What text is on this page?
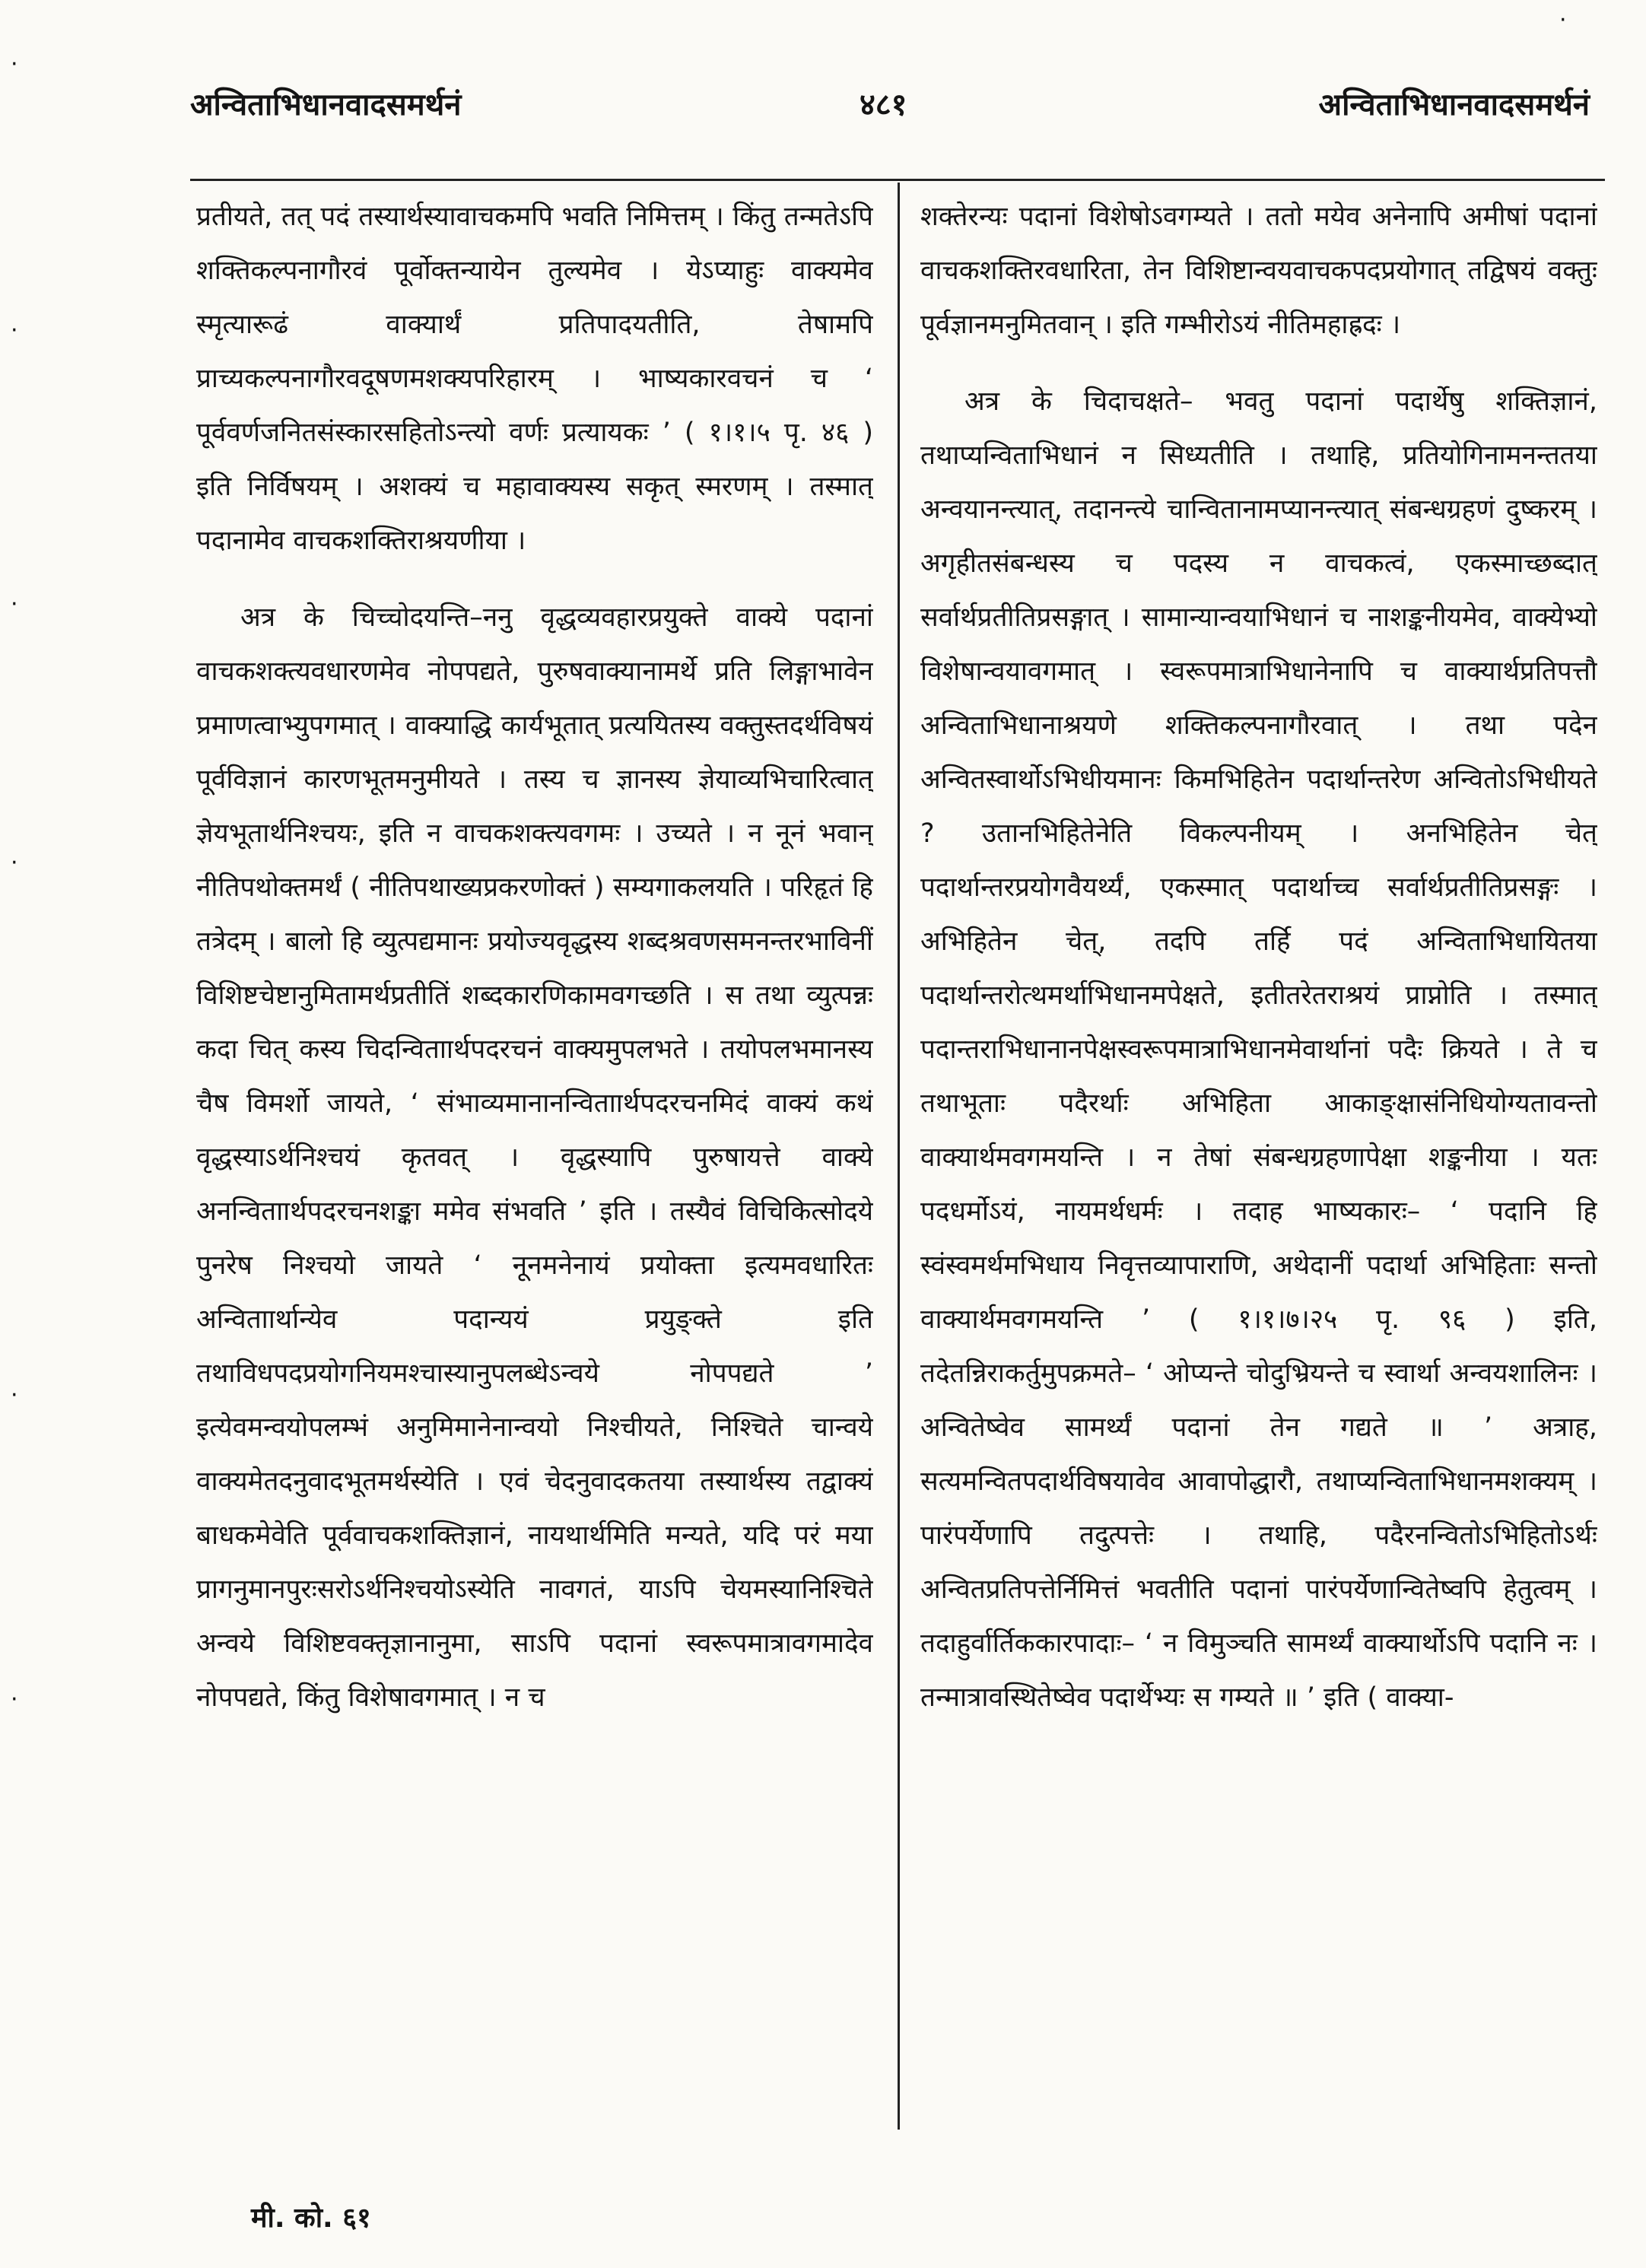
अन्विताभिधानवादसमर्थनं	४८१	अन्विताभिधानवादसमर्थनं

प्रतीयते, तत् पदं तस्यार्थस्यावाचकमपि भवति निमित्तम् । किंतु तन्मतेऽपि शक्तिकल्पनागौरवं पूर्वोक्तन्यायेन तुल्यमेव । येऽप्याहुः वाक्यमेव स्मृत्यारूढं वाक्यार्थं प्रतिपादयतीति, तेषामपि प्राच्यकल्पनागौरवदूषणमशक्यपरिहारम् । भाष्यकारवचनं च ‘ पूर्ववर्णजनितसंस्कारसहितोऽन्त्यो वर्णः प्रत्यायकः ’ ( १।१।५ पृ. ४६ ) इति निर्विषयम् । अशक्यं च महावाक्यस्य सकृत् स्मरणम् । तस्मात् पदानामेव वाचकशक्तिराश्रयणीया ।

अत्र के चिच्चोदयन्ति–ननु वृद्धव्यवहारप्रयुक्ते वाक्ये पदानां वाचकशक्त्यवधारणमेव नोपपद्यते, पुरुषवाक्यानामर्थे प्रति लिङ्गाभावेन प्रमाणत्वाभ्युपगमात् । वाक्याद्धि कार्यभूतात् प्रत्ययितस्य वक्तुस्तदर्थविषयं पूर्वविज्ञानं कारणभूतमनुमीयते । तस्य च ज्ञानस्य ज्ञेयाव्यभिचारित्वात् ज्ञेयभूतार्थनिश्चयः, इति न वाचकशक्त्यवगमः । उच्यते । न नूनं भवान् नीतिपथोक्तमर्थं ( नीतिपथाख्यप्रकरणोक्तं ) सम्यगाकलयति । परिहृतं हि तत्रेदम् । बालो हि व्युत्पद्यमानः प्रयोज्यवृद्धस्य शब्दश्रवणसमनन्तरभाविनीं विशिष्टचेष्टानुमितामर्थप्रतीतिं शब्दकारणिकामवगच्छति । स तथा व्युत्पन्नः कदा चित् कस्य चिदन्विताार्थपदरचनं वाक्यमुपलभते । तयोपलभमानस्य चैष विमर्शो जायते, ‘ संभाव्यमानानन्विताार्थपदरचनमिदं वाक्यं कथं वृद्धस्याऽर्थनिश्चयं कृतवत् । वृद्धस्यापि पुरुषायत्ते वाक्ये अनन्विताार्थपदरचनशङ्का ममेव संभवति ’ इति । तस्यैवं विचिकित्सोदये पुनरेष निश्चयो जायते ‘ नूनमनेनायं प्रयोक्ता इत्यमवधारितः अन्विताार्थान्येव पदान्ययं प्रयुङ्क्ते इति तथाविधपदप्रयोगनियमश्चास्यानुपलब्धेऽन्वये नोपपद्यते ’ इत्येवमन्वयोपलम्भं अनुमिमानेनान्वयो निश्चीयते, निश्चिते चान्वये वाक्यमेतदनुवादभूतमर्थस्येति । एवं चेदनुवादकतया तस्यार्थस्य तद्वाक्यं बाधकमेवेति पूर्ववाचकशक्तिज्ञानं, नायथार्थमिति मन्यते, यदि परं मया प्रागनुमानपुरःसरोऽर्थनिश्चयोऽस्येति नावगतं, याऽपि चेयमस्यानिश्चिते अन्वये विशिष्टवक्तृज्ञानानुमा, साऽपि पदानां स्वरूपमात्रावगमादेव नोपपद्यते, किंतु विशेषावगमात् । न च

शक्तेरन्यः पदानां विशेषोऽवगम्यते । ततो मयेव अनेनापि अमीषां पदानां वाचकशक्तिरवधारिता, तेन विशिष्टान्वयवाचकपदप्रयोगात् तद्विषयं वक्तुः पूर्वज्ञानमनुमितवान् । इति गम्भीरोऽयं नीतिमहाह्रदः ।

अत्र के चिदाचक्षते– भवतु पदानां पदार्थेषु शक्तिज्ञानं, तथाप्यन्विताभिधानं न सिध्यतीति । तथाहि, प्रतियोगिनामनन्ततया अन्वयानन्त्यात्, तदानन्त्ये चान्वितानामप्यानन्त्यात् संबन्धग्रहणं दुष्करम् । अगृहीतसंबन्धस्य च पदस्य न वाचकत्वं, एकस्माच्छब्दात् सर्वार्थप्रतीतिप्रसङ्गात् । सामान्यान्वयाभिधानं च नाशङ्कनीयमेव, वाक्येभ्यो विशेषान्वयावगमात् । स्वरूपमात्राभिधानेनापि च वाक्यार्थप्रतिपत्तौ अन्विताभिधानाश्रयणे शक्तिकल्पनागौरवात् । तथा पदेन अन्वितस्वार्थोऽभिधीयमानः किमभिहितेन पदार्थान्तरेण अन्वितोऽभिधीयते ? उतानभिहितेनेति विकल्पनीयम् । अनभिहितेन चेत् पदार्थान्तरप्रयोगवैयर्थ्यं, एकस्मात् पदार्थाच्च सर्वार्थप्रतीतिप्रसङ्गः । अभिहितेन चेत्, तदपि तर्हि पदं अन्विताभिधायितया पदार्थान्तरोत्थमर्थाभिधानमपेक्षते, इतीतरेतराश्रयं प्राप्नोति । तस्मात् पदान्तराभिधानानपेक्षस्वरूपमात्राभिधानमेवार्थानां पदैः क्रियते । ते च तथाभूताः पदैरर्थाः अभिहिता आकाङ्क्षासंनिधियोग्यतावन्तो वाक्यार्थमवगमयन्ति । न तेषां संबन्धग्रहणापेक्षा शङ्कनीया । यतः पदधर्मोऽयं, नायमर्थधर्मः । तदाह भाष्यकारः– ‘ पदानि हि स्वंस्वमर्थमभिधाय निवृत्तव्यापाराणि, अथेदानीं पदार्था अभिहिताः सन्तो वाक्यार्थमवगमयन्ति ’ ( १।१।७।२५ पृ. ९६ ) इति, तदेतन्निराकर्तुमुपक्रमते– ‘ ओप्यन्ते चोदुभ्रियन्ते च स्वार्था अन्वयशालिनः । अन्वितेष्वेव सामर्थ्यं पदानां तेन गद्यते ॥ ’ अत्राह, सत्यमन्वितपदार्थविषयावेव आवापोद्धारौ, तथाप्यन्विताभिधानमशक्यम् । पारंपर्येणापि तदुत्पत्तेः । तथाहि, पदैरनन्वितोऽभिहितोऽर्थः अन्वितप्रतिपत्तेर्निमित्तं भवतीति पदानां पारंपर्येणान्वितेष्वपि हेतुत्वम् । तदाहुर्वार्तिककारपादाः– ‘ न विमुञ्चति सामर्थ्यं वाक्यार्थोऽपि पदानि नः । तन्मात्रावस्थितेष्वेव पदार्थेभ्यः स गम्यते ॥ ’ इति ( वाक्या-

मी. को. ६१
·
·
·
·
·
·
·
